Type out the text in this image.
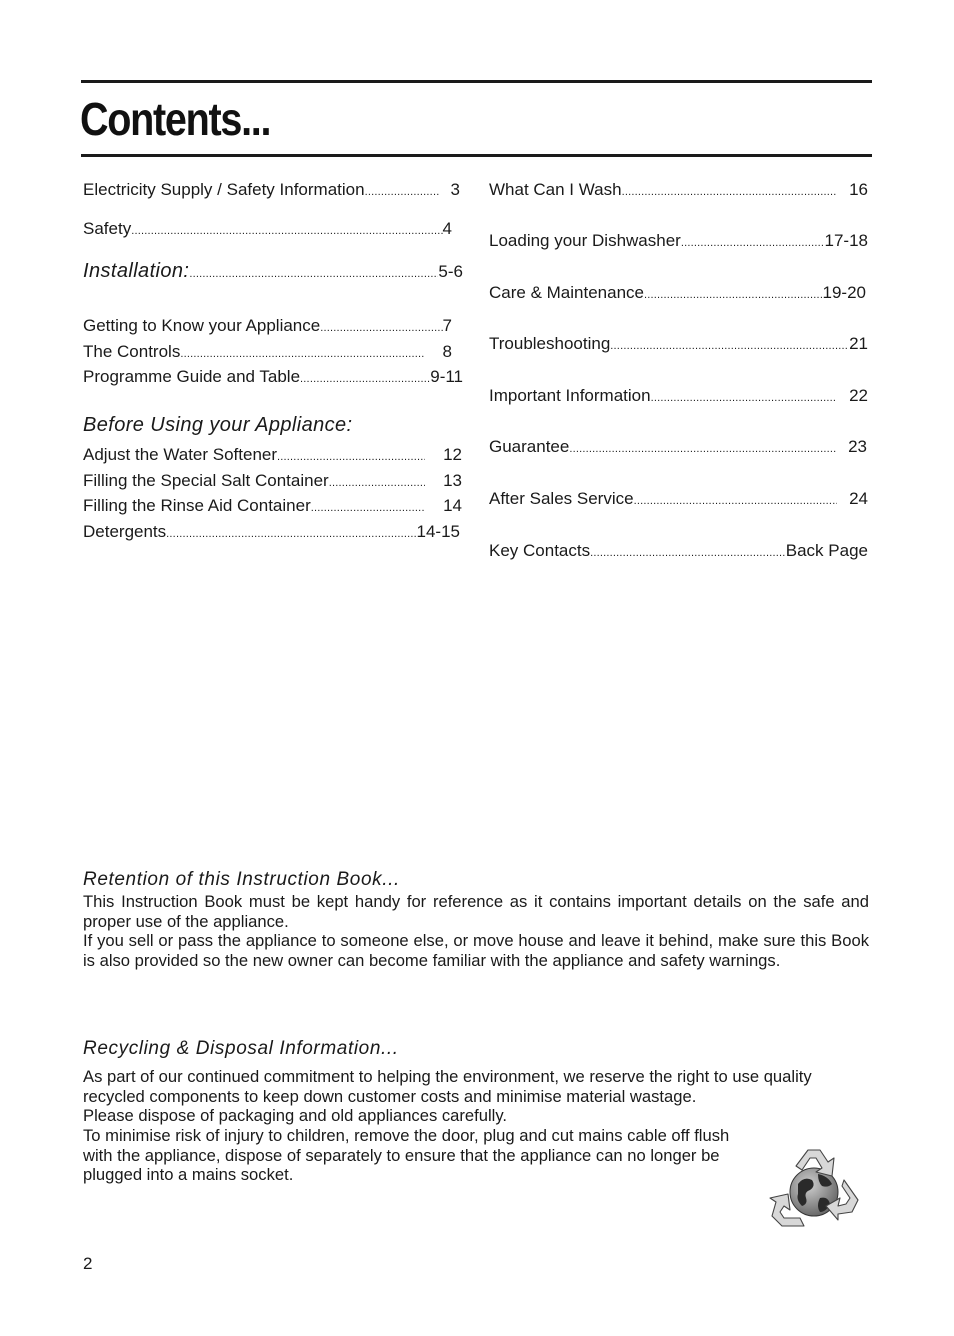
Contents...
Electricity Supply / Safety Information .....	3
Safety .....	4
Installation: .....	5-6
Getting to Know your Appliance .....	7
The Controls .....	8
Programme Guide and Table .....	9-11
Before Using your Appliance:
Adjust the Water Softener .....	12
Filling the Special Salt Container .....	13
Filling the Rinse Aid Container .....	14
Detergents .....	14-15
What Can I Wash .....	16
Loading your Dishwasher .....	17-18
Care & Maintenance .....	19-20
Troubleshooting .....	21
Important Information .....	22
Guarantee .....	23
After Sales Service .....	24
Key Contacts .....	Back Page
Retention of this Instruction Book...

This Instruction Book must be kept handy for reference as it contains important details on the safe and proper use of the appliance.

If you sell or pass the appliance to someone else, or move house and leave it behind, make sure this Book is also provided so the new owner can become familiar with the appliance and safety warnings.

Recycling & Disposal Information...

As part of our continued commitment to helping the environment, we reserve the right to use quality recycled components to keep down customer costs and minimise material wastage.

Please dispose of packaging and old appliances carefully.

To minimise risk of injury to children, remove the door, plug and cut mains cable off flush with the appliance, dispose of separately to ensure that the appliance can no longer be plugged into a mains socket.

2
